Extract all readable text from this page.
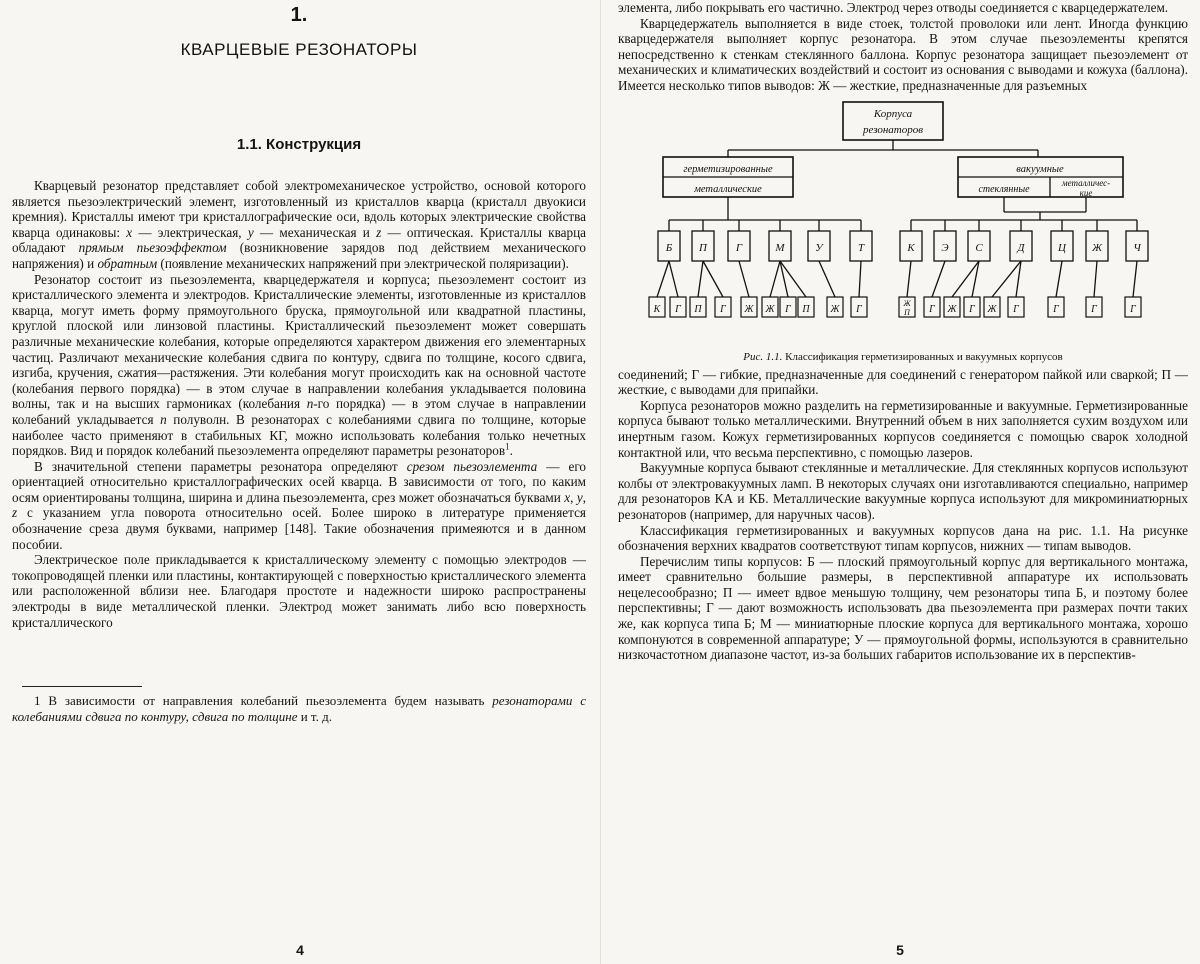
1.
КВАРЦЕВЫЕ РЕЗОНАТОРЫ
1.1. Конструкция

Кварцевый резонатор представляет собой электромеханическое устройство, основой которого является пьезоэлектрический элемент, изготовленный из кристаллов кварца (кристалл двуокиси кремния). Кристаллы имеют три кристаллографические оси, вдоль которых электрические свойства кварца одинаковы: x — электрическая, y — механическая и z — оптическая. Кристаллы кварца обладают прямым пьезоэффектом (возникновение зарядов под действием механического напряжения) и обратным (появление механических напряжений при электрической поляризации).

Резонатор состоит из пьезоэлемента, кварцедержателя и корпуса; пьезоэлемент состоит из кристаллического элемента и электродов. Кристаллические элементы, изготовленные из кристаллов кварца, могут иметь форму прямоугольного бруска, прямоугольной или квадратной пластины, круглой плоской или линзовой пластины. Кристаллический пьезоэлемент может совершать различные механические колебания, которые определяются характером движения его элементарных частиц. Различают механические колебания сдвига по контуру, сдвига по толщине, косого сдвига, изгиба, кручения, сжатия—растяжения. Эти колебания могут происходить как на основной частоте (колебания первого порядка) — в этом случае в направлении колебания укладывается половина волны, так и на высших гармониках (колебания n-го порядка) — в этом случае в направлении колебаний укладывается n полуволн. В резонаторах с колебаниями сдвига по толщине, которые наиболее часто применяют в стабильных КГ, можно использовать колебания только нечетных порядков. Вид и порядок колебаний пьезоэлемента определяют параметры резонаторов$^1$.

В значительной степени параметры резонатора определяют срезом пьезоэлемента — его ориентацией относительно кристаллографических осей кварца. В зависимости от того, по каким осям ориентированы толщина, ширина и длина пьезоэлемента, срез может обозначаться буквами x, y, z с указанием угла поворота относительно осей. Более широко в литературе применяется обозначение среза двумя буквами, например [148]. Такие обозначения примеяются и в данном пособии.

Электрическое поле прикладывается к кристаллическому элементу с помощью электродов — токопроводящей пленки или пластины, контактирующей с поверхностью кристаллического элемента или расположенной вблизи нее. Благодаря простоте и надежности широко распространены электроды в виде металлической пленки. Электрод может занимать либо всю поверхность кристаллического

1 В зависимости от направления колебаний пьезоэлемента будем называть резонаторами с колебаниями сдвига по контуру, сдвига по толщине и т. д.
4

элемента, либо покрывать его частично. Электрод через отводы соединяется с кварцедержателем.

Кварцедержатель выполняется в виде стоек, толстой проволоки или лент. Иногда функцию кварцедержателя выполняет корпус резонатора. В этом случае пьезоэлементы крепятся непосредственно к стенкам стеклянного баллона. Корпус резонатора защищает пьезоэлемент от механических и климатических воздействий и состоит из основания с выводами и кожуха (баллона). Имеется несколько типов выводов: Ж — жесткие, предназначенные для разъемных

Корпуса
резонаторов
герметизированные
металлические
вакуумные
стеклянные
металличес-
кие
Б П	Г	М	У	Т	К Э С	Д	Ц Ж	Ч
К Г П Г Ж Ж Г П Ж Г
Ж
П Г Ж Г Ж Г	Г	Г	Г
Рис. 1.1. Классификация герметизированных и вакуумных корпусов

соединений; Г — гибкие, предназначенные для соединений с генератором пайкой или сваркой; П — жесткие, с выводами для припайки.

Корпуса резонаторов можно разделить на герметизированные и вакуумные. Герметизированные корпуса бывают только металлическими. Внутренний объем в них заполняется сухим воздухом или инертным газом. Кожух герметизированных корпусов соединяется с помощью сварок холодной контактной или, что весьма перспективно, с помощью лазеров.

Вакуумные корпуса бывают стеклянные и металлические. Для стеклянных корпусов используют колбы от электровакуумных ламп. В некоторых случаях они изготавливаются специально, например для резонаторов КА и КБ. Металлические вакуумные корпуса используют для микроминиатюрных резонаторов (например, для наручных часов).

Классификация герметизированных и вакуумных корпусов дана на рис. 1.1. На рисунке обозначения верхних квадратов соответствуют типам корпусов, нижних — типам выводов.

Перечислим типы корпусов: Б — плоский прямоугольный корпус для вертикального монтажа, имеет сравнительно большие размеры, в перспективной аппаратуре их использовать нецелесообразно; П — имеет вдвое меньшую толщину, чем резонаторы типа Б, и поэтому более перспективны; Г — дают возможность использовать два пьезоэлемента при размерах почти таких же, как корпуса типа Б; М — миниатюрные плоские корпуса для вертикального монтажа, хорошо компонуются в современной аппаратуре; У — прямоугольной формы, используются в сравнительно низкочастотном диапазоне частот, из-за больших габаритов использование их в перспектив-

5
